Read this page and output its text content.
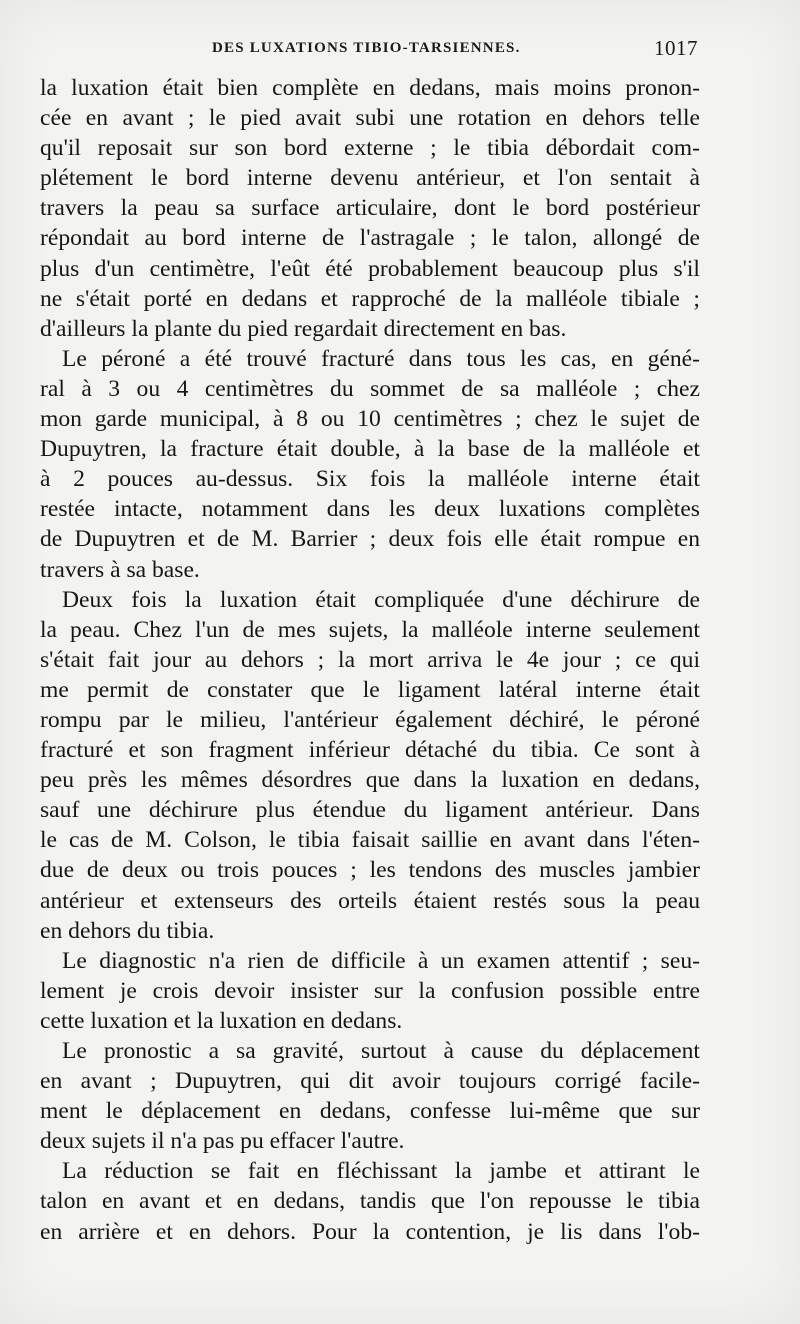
DES LUXATIONS TIBIO-TARSIENNES.	1017
la luxation était bien complète en dedans, mais moins pronon-
cée en avant ; le pied avait subi une rotation en dehors telle
qu'il reposait sur son bord externe ; le tibia débordait com-
plétement le bord interne devenu antérieur, et l'on sentait à
travers la peau sa surface articulaire, dont le bord postérieur
répondait au bord interne de l'astragale ; le talon, allongé de
plus d'un centimètre, l'eût été probablement beaucoup plus s'il
ne s'était porté en dedans et rapproché de la malléole tibiale ;
d'ailleurs la plante du pied regardait directement en bas.
Le péroné a été trouvé fracturé dans tous les cas, en géné-
ral à 3 ou 4 centimètres du sommet de sa malléole ; chez
mon garde municipal, à 8 ou 10 centimètres ; chez le sujet de
Dupuytren, la fracture était double, à la base de la malléole et
à 2 pouces au-dessus. Six fois la malléole interne était
restée intacte, notamment dans les deux luxations complètes
de Dupuytren et de M. Barrier ; deux fois elle était rompue en
travers à sa base.
Deux fois la luxation était compliquée d'une déchirure de
la peau. Chez l'un de mes sujets, la malléole interne seulement
s'était fait jour au dehors ; la mort arriva le 4e jour ; ce qui
me permit de constater que le ligament latéral interne était
rompu par le milieu, l'antérieur également déchiré, le péroné
fracturé et son fragment inférieur détaché du tibia. Ce sont à
peu près les mêmes désordres que dans la luxation en dedans,
sauf une déchirure plus étendue du ligament antérieur. Dans
le cas de M. Colson, le tibia faisait saillie en avant dans l'éten-
due de deux ou trois pouces ; les tendons des muscles jambier
antérieur et extenseurs des orteils étaient restés sous la peau
en dehors du tibia.
Le diagnostic n'a rien de difficile à un examen attentif ; seu-
lement je crois devoir insister sur la confusion possible entre
cette luxation et la luxation en dedans.
Le pronostic a sa gravité, surtout à cause du déplacement
en avant ; Dupuytren, qui dit avoir toujours corrigé facile-
ment le déplacement en dedans, confesse lui-même que sur
deux sujets il n'a pas pu effacer l'autre.
La réduction se fait en fléchissant la jambe et attirant le
talon en avant et en dedans, tandis que l'on repousse le tibia
en arrière et en dehors. Pour la contention, je lis dans l'ob-
